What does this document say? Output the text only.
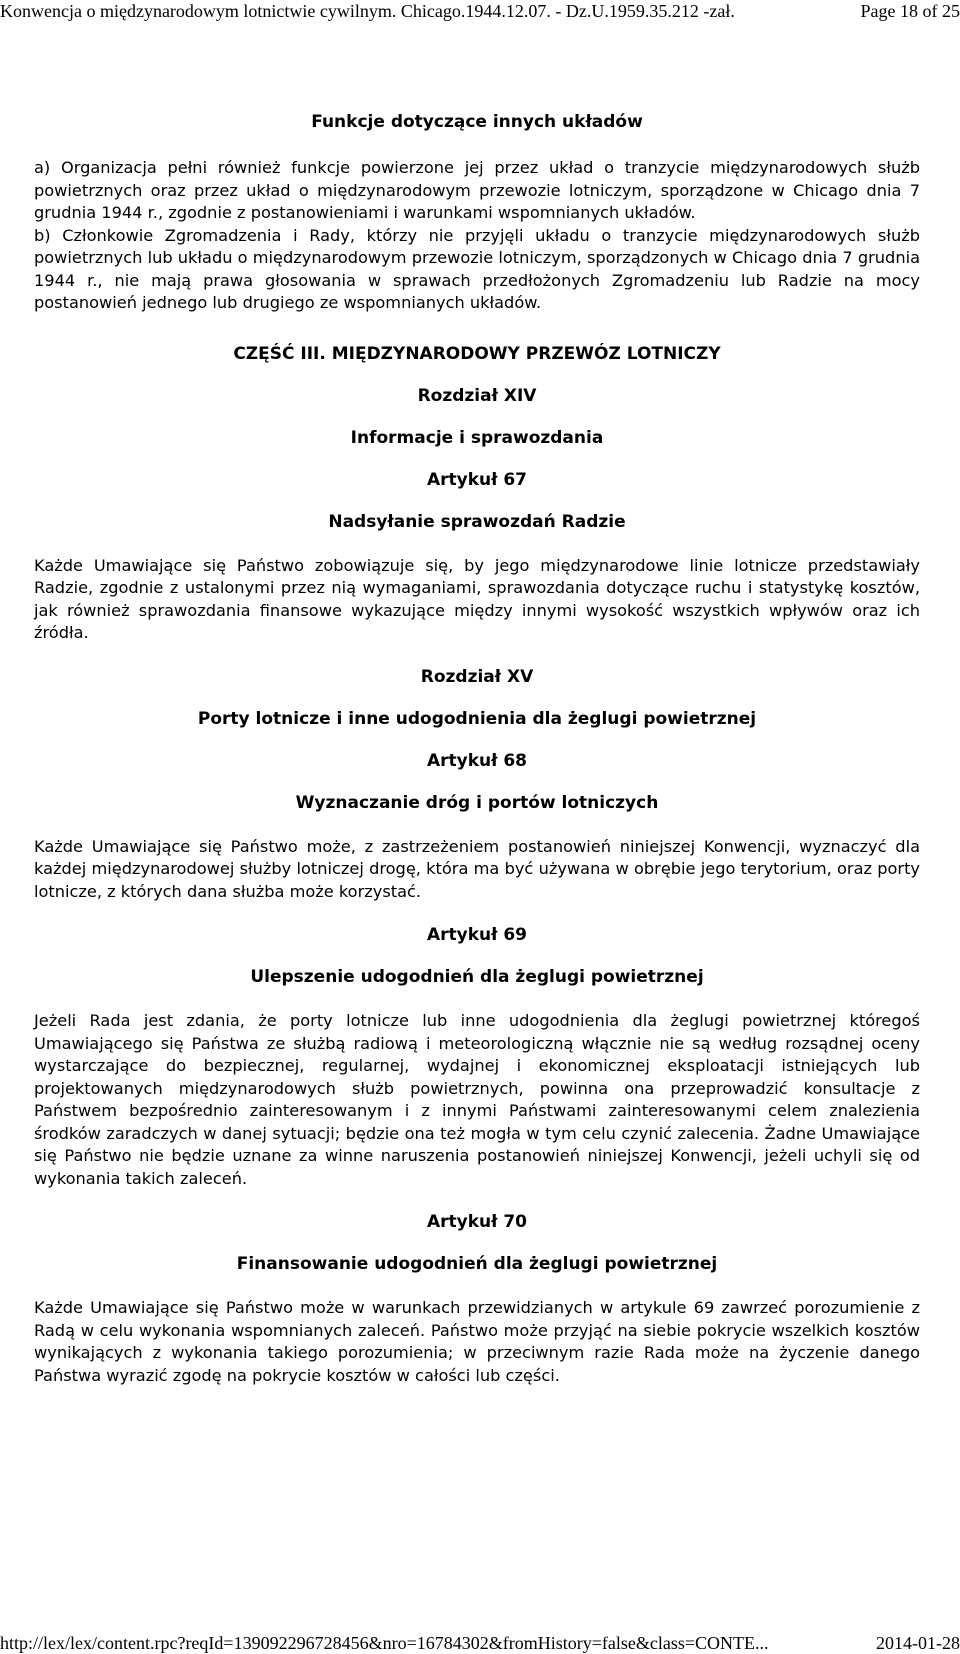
Konwencja o międzynarodowym lotnictwie cywilnym. Chicago.1944.12.07. - Dz.U.1959.35.212 -zał.	Page 18 of 25
Funkcje dotyczące innych układów

a) Organizacja pełni również funkcje powierzone jej przez układ o tranzycie międzynarodowych służb powietrznych oraz przez układ o międzynarodowym przewozie lotniczym, sporządzone w Chicago dnia 7 grudnia 1944 r., zgodnie z postanowieniami i warunkami wspomnianych układów.

b) Członkowie Zgromadzenia i Rady, którzy nie przyjęli układu o tranzycie międzynarodowych służb powietrznych lub układu o międzynarodowym przewozie lotniczym, sporządzonych w Chicago dnia 7 grudnia 1944 r., nie mają prawa głosowania w sprawach przedłożonych Zgromadzeniu lub Radzie na mocy postanowień jednego lub drugiego ze wspomnianych układów.

CZĘŚĆ III. MIĘDZYNARODOWY PRZEWÓZ LOTNICZY
Rozdział XIV
Informacje i sprawozdania
Artykuł 67
Nadsyłanie sprawozdań Radzie

Każde Umawiające się Państwo zobowiązuje się, by jego międzynarodowe linie lotnicze przedstawiały Radzie, zgodnie z ustalonymi przez nią wymaganiami, sprawozdania dotyczące ruchu i statystykę kosztów, jak również sprawozdania finansowe wykazujące między innymi wysokość wszystkich wpływów oraz ich źródła.

Rozdział XV
Porty lotnicze i inne udogodnienia dla żeglugi powietrznej
Artykuł 68
Wyznaczanie dróg i portów lotniczych

Każde Umawiające się Państwo może, z zastrzeżeniem postanowień niniejszej Konwencji, wyznaczyć dla każdej międzynarodowej służby lotniczej drogę, która ma być używana w obrębie jego terytorium, oraz porty lotnicze, z których dana służba może korzystać.

Artykuł 69
Ulepszenie udogodnień dla żeglugi powietrznej

Jeżeli Rada jest zdania, że porty lotnicze lub inne udogodnienia dla żeglugi powietrznej któregoś Umawiającego się Państwa ze służbą radiową i meteorologiczną włącznie nie są według rozsądnej oceny wystarczające do bezpiecznej, regularnej, wydajnej i ekonomicznej eksploatacji istniejących lub projektowanych międzynarodowych służb powietrznych, powinna ona przeprowadzić konsultacje z Państwem bezpośrednio zainteresowanym i z innymi Państwami zainteresowanymi celem znalezienia środków zaradczych w danej sytuacji; będzie ona też mogła w tym celu czynić zalecenia. Żadne Umawiające się Państwo nie będzie uznane za winne naruszenia postanowień niniejszej Konwencji, jeżeli uchyli się od wykonania takich zaleceń.

Artykuł 70
Finansowanie udogodnień dla żeglugi powietrznej

Każde Umawiające się Państwo może w warunkach przewidzianych w artykule 69 zawrzeć porozumienie z Radą w celu wykonania wspomnianych zaleceń. Państwo może przyjąć na siebie pokrycie wszelkich kosztów wynikających z wykonania takiego porozumienia; w przeciwnym razie Rada może na życzenie danego Państwa wyrazić zgodę na pokrycie kosztów w całości lub części.

http://lex/lex/content.rpc?reqId=139092296728456&nro=16784302&fromHistory=false&class=CONTE...	2014-01-28
